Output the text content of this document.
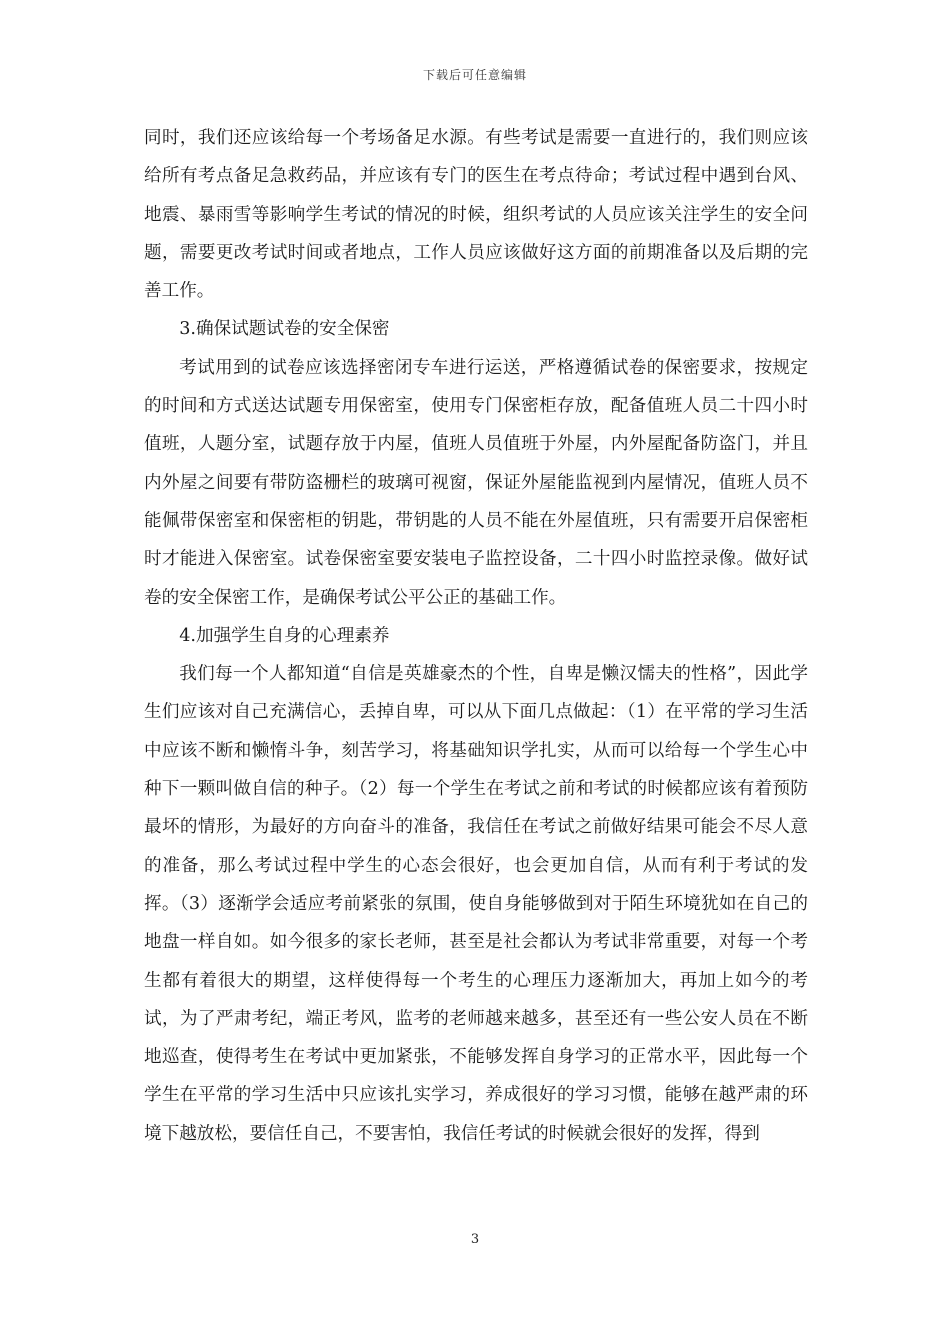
下载后可任意编辑

同时，我们还应该给每一个考场备足水源。有些考试是需要一直进行的，我们则应该给所有考点备足急救药品，并应该有专门的医生在考点待命；考试过程中遇到台风、地震、暴雨雪等影响学生考试的情况的时候，组织考试的人员应该关注学生的安全问题，需要更改考试时间或者地点，工作人员应该做好这方面的前期准备以及后期的完善工作。

3.确保试题试卷的安全保密

考试用到的试卷应该选择密闭专车进行运送，严格遵循试卷的保密要求，按规定的时间和方式送达试题专用保密室，使用专门保密柜存放，配备值班人员二十四小时值班，人题分室，试题存放于内屋，值班人员值班于外屋，内外屋配备防盗门，并且内外屋之间要有带防盗栅栏的玻璃可视窗，保证外屋能监视到内屋情况，值班人员不能佩带保密室和保密柜的钥匙，带钥匙的人员不能在外屋值班，只有需要开启保密柜时才能进入保密室。试卷保密室要安装电子监控设备，二十四小时监控录像。做好试卷的安全保密工作，是确保考试公平公正的基础工作。

4.加强学生自身的心理素养

我们每一个人都知道“自信是英雄豪杰的个性，自卑是懒汉懦夫的性格”，因此学生们应该对自己充满信心，丢掉自卑，可以从下面几点做起：（1）在平常的学习生活中应该不断和懒惰斗争，刻苦学习，将基础知识学扎实，从而可以给每一个学生心中种下一颗叫做自信的种子。（2）每一个学生在考试之前和考试的时候都应该有着预防最坏的情形，为最好的方向奋斗的准备，我信任在考试之前做好结果可能会不尽人意的准备，那么考试过程中学生的心态会很好，也会更加自信，从而有利于考试的发挥。（3）逐渐学会适应考前紧张的氛围，使自身能够做到对于陌生环境犹如在自己的地盘一样自如。如今很多的家长老师，甚至是社会都认为考试非常重要，对每一个考生都有着很大的期望，这样使得每一个考生的心理压力逐渐加大，再加上如今的考试，为了严肃考纪，端正考风，监考的老师越来越多，甚至还有一些公安人员在不断地巡查，使得考生在考试中更加紧张，不能够发挥自身学习的正常水平，因此每一个学生在平常的学习生活中只应该扎实学习，养成很好的学习习惯，能够在越严肃的环境下越放松，要信任自己，不要害怕，我信任考试的时候就会很好的发挥，得到

3
